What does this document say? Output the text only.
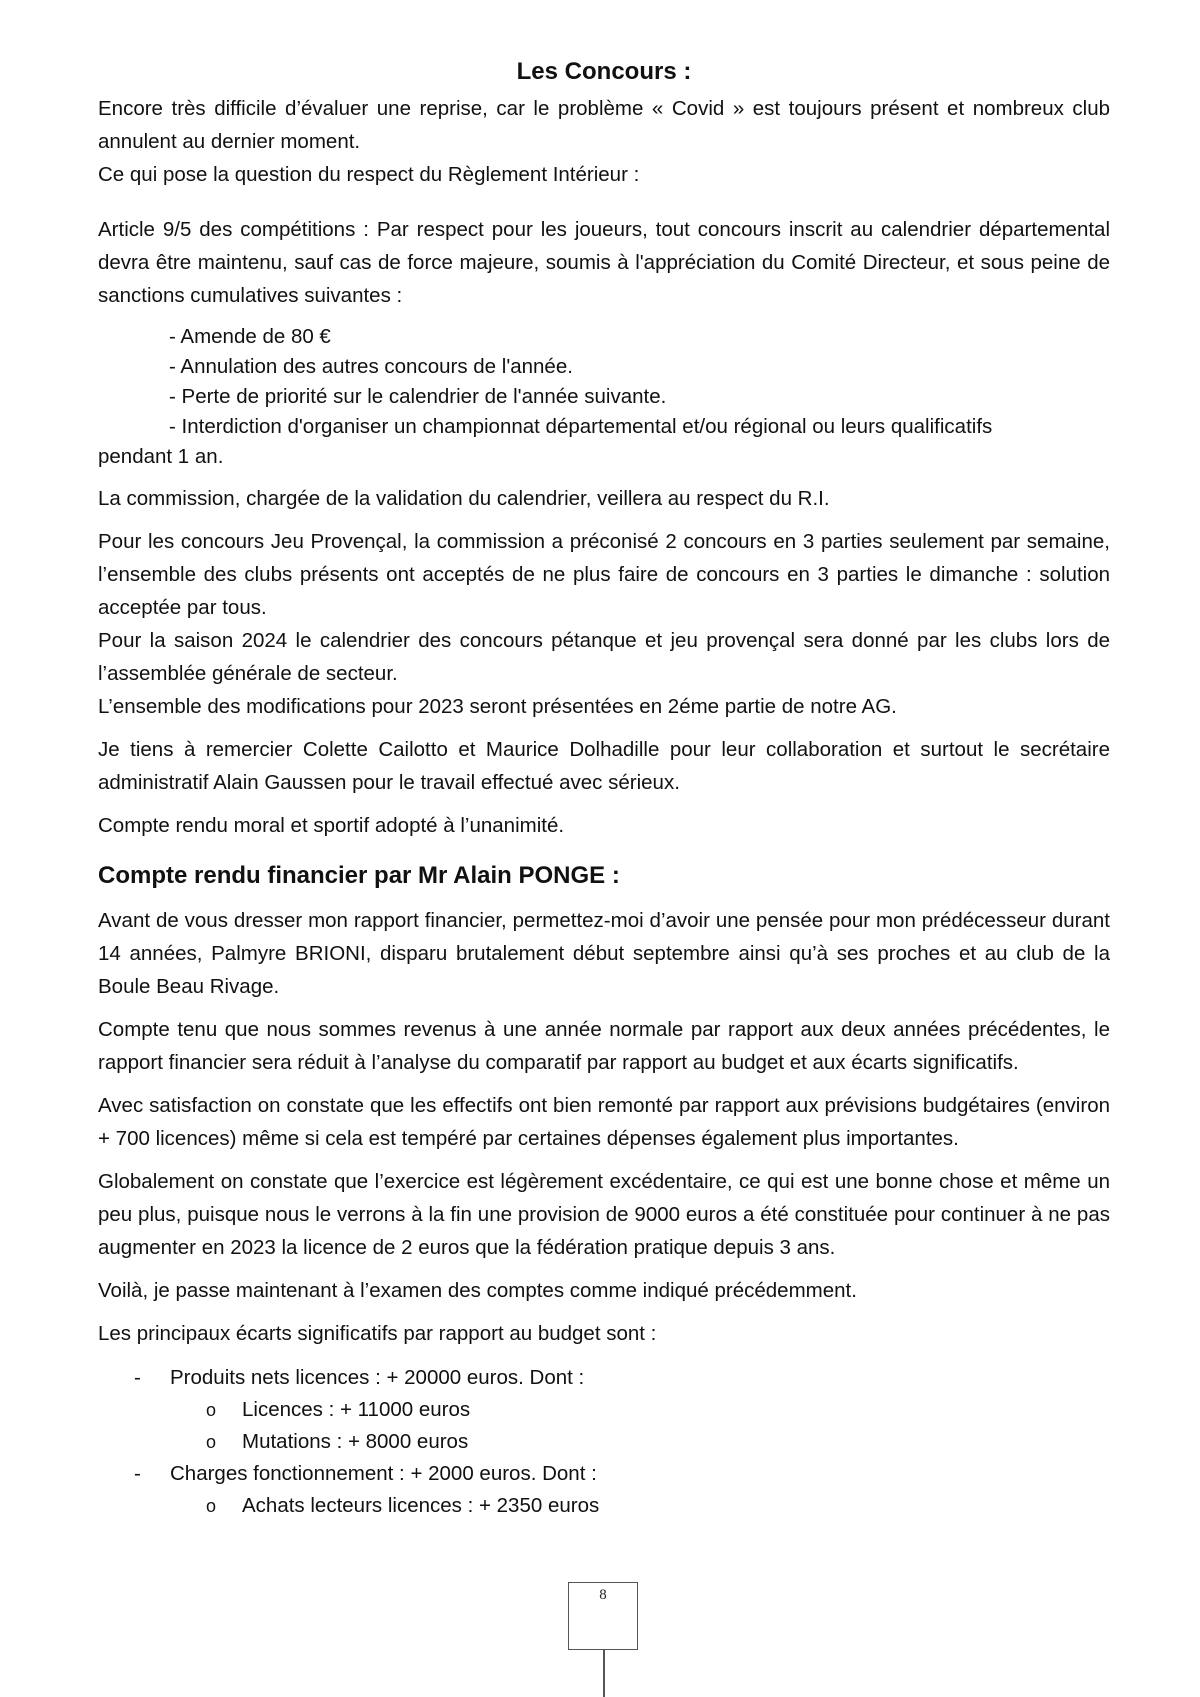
Les Concours :

Encore très difficile d’évaluer une reprise, car le problème « Covid » est toujours présent et nombreux club annulent au dernier moment.

Ce qui pose la question du respect du Règlement Intérieur :

Article 9/5 des compétitions : Par respect pour les joueurs, tout concours inscrit au calendrier départemental devra être maintenu, sauf cas de force majeure, soumis à l'appréciation du Comité Directeur, et sous peine de sanctions cumulatives suivantes :

- Amende de 80 €
- Annulation des autres concours de l'année.
- Perte de priorité sur le calendrier de l'année suivante.
- Interdiction d'organiser un championnat départemental et/ou régional ou leurs qualificatifs
pendant 1 an.

La commission, chargée de la validation du calendrier, veillera au respect du R.I.

Pour les concours Jeu Provençal, la commission a préconisé 2 concours en 3 parties seulement par semaine, l’ensemble des clubs présents ont acceptés de ne plus faire de concours en 3 parties le dimanche : solution acceptée par tous.

Pour la saison 2024 le calendrier des concours pétanque et jeu provençal sera donné par les clubs lors de l’assemblée générale de secteur.

L’ensemble des modifications pour 2023 seront présentées en 2éme partie de notre AG.

Je tiens à remercier Colette Cailotto et Maurice Dolhadille pour leur collaboration et surtout le secrétaire administratif Alain Gaussen pour le travail effectué avec sérieux.

Compte rendu moral et sportif adopté à l’unanimité.

Compte rendu financier par Mr Alain PONGE :

Avant de vous dresser mon rapport financier, permettez-moi d’avoir une pensée pour mon prédécesseur durant 14 années, Palmyre BRIONI, disparu brutalement début septembre ainsi qu’à ses proches et au club de la Boule Beau Rivage.

Compte tenu que nous sommes revenus à une année normale par rapport aux deux années précédentes, le rapport financier sera réduit à l’analyse du comparatif par rapport au budget et aux écarts significatifs.

Avec satisfaction on constate que les effectifs ont bien remonté par rapport aux prévisions budgétaires (environ + 700 licences) même si cela est tempéré par certaines dépenses également plus importantes.

Globalement on constate que l’exercice est légèrement excédentaire, ce qui est une bonne chose et même un peu plus, puisque nous le verrons à la fin une provision de 9000 euros a été constituée pour continuer à ne pas augmenter en 2023 la licence de 2 euros que la fédération pratique depuis 3 ans.

Voilà, je passe maintenant à l’examen des comptes comme indiqué précédemment.

Les principaux écarts significatifs par rapport au budget sont :

- Produits nets licences : + 20000 euros. Dont :
o Licences : + 11000 euros
o Mutations : + 8000 euros
- Charges fonctionnement : + 2000 euros. Dont :
o Achats lecteurs licences : + 2350 euros
8
